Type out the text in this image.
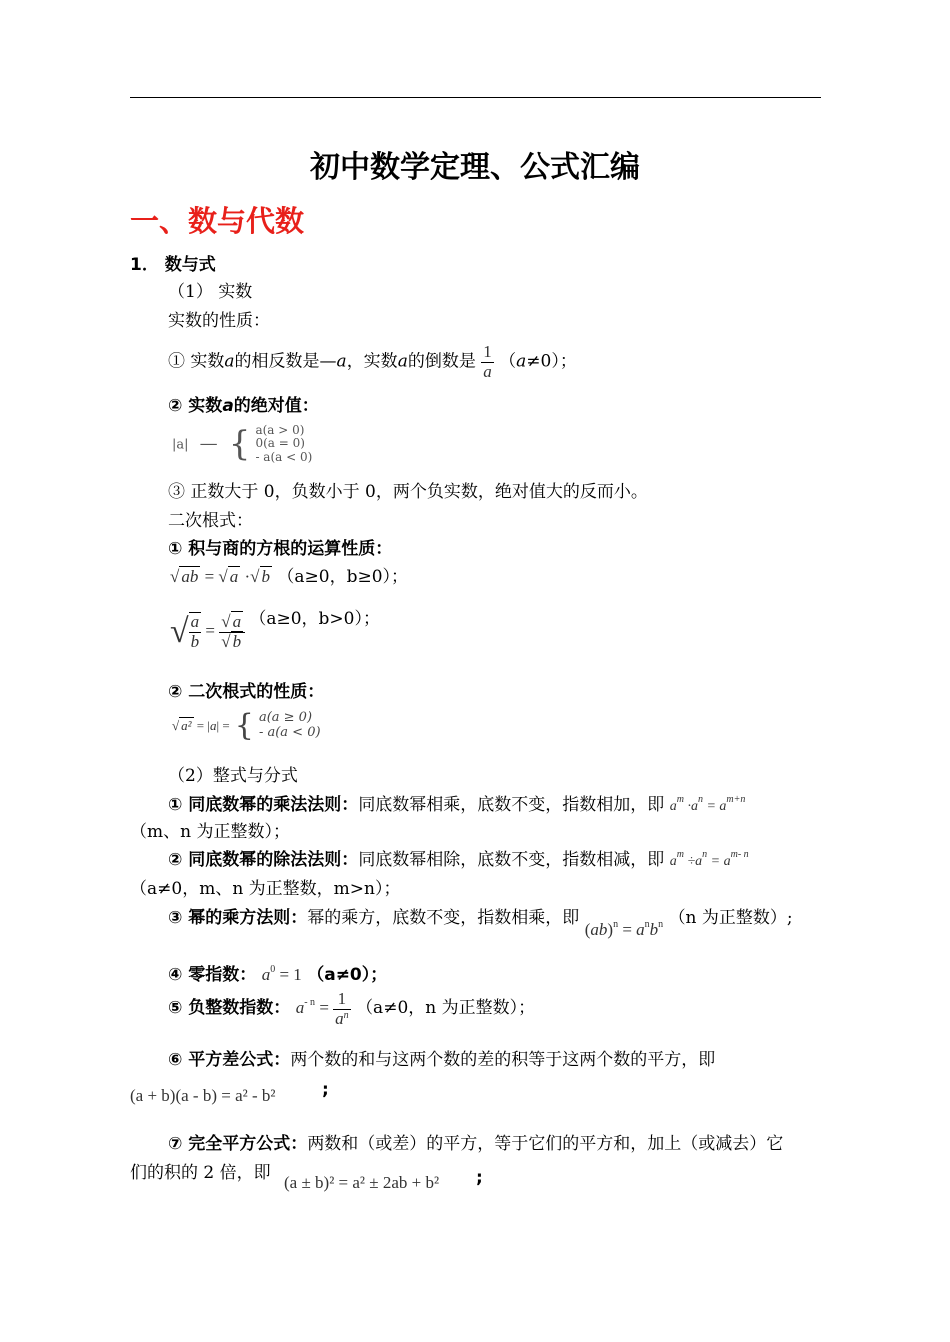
初中数学定理、公式汇编
一、数与代数
1． 数与式
（1） 实数
实数的性质：
① 实数a的相反数是—a，实数a的倒数是 $\frac{1}{a} (a\ne 0)$；
② 实数a的绝对值：
|a| — { a(a > 0)
0(a = 0)
- a(a < 0)
③ 正数大于 0，负数小于 0，两个负实数，绝对值大的反而小。
二次根式：
① 积与商的方根的运算性质：
√ ab = √ a ·√ b （a≥0，b≥0）；
√ $\frac{a}{b} = \frac{√ a}{√ b} (a\ge 0$，b>0）；
② 二次根式的性质：
√ a² = |a| = { a(a ≥ 0)
- a(a < 0)
（2）整式与分式
① 同底数幂的乘法法则：同底数幂相乘，底数不变，指数相加，即 $a^m \cdot a^n = a^{m+n}$
（m、n 为正整数）；
② 同底数幂的除法法则：同底数幂相除，底数不变，指数相减，即 $a^m \div a^n = a^{m- n}$
（a≠0，m、n 为正整数，m>n）；
③ 幂的乘方法则：幂的乘方，底数不变，指数相乘，即 $(ab)^n = a^nb^n$ （n 为正整数）;
④ 零指数： $a^0 = 1$ （a≠0）；
⑤ 负整数指数： $a^{- n} = \frac{1}{a^n} (a\ne 0$，n 为正整数）；
⑥ 平方差公式：两个数的和与这两个数的差的积等于这两个数的平方，即
(a + b)(a - b) = a² - b²	;
⑦ 完全平方公式：两数和（或差）的平方，等于它们的平方和，加上（或减去）它
们的积的 2 倍，即 (a ± b)² = a² ± 2ab + b² ;
